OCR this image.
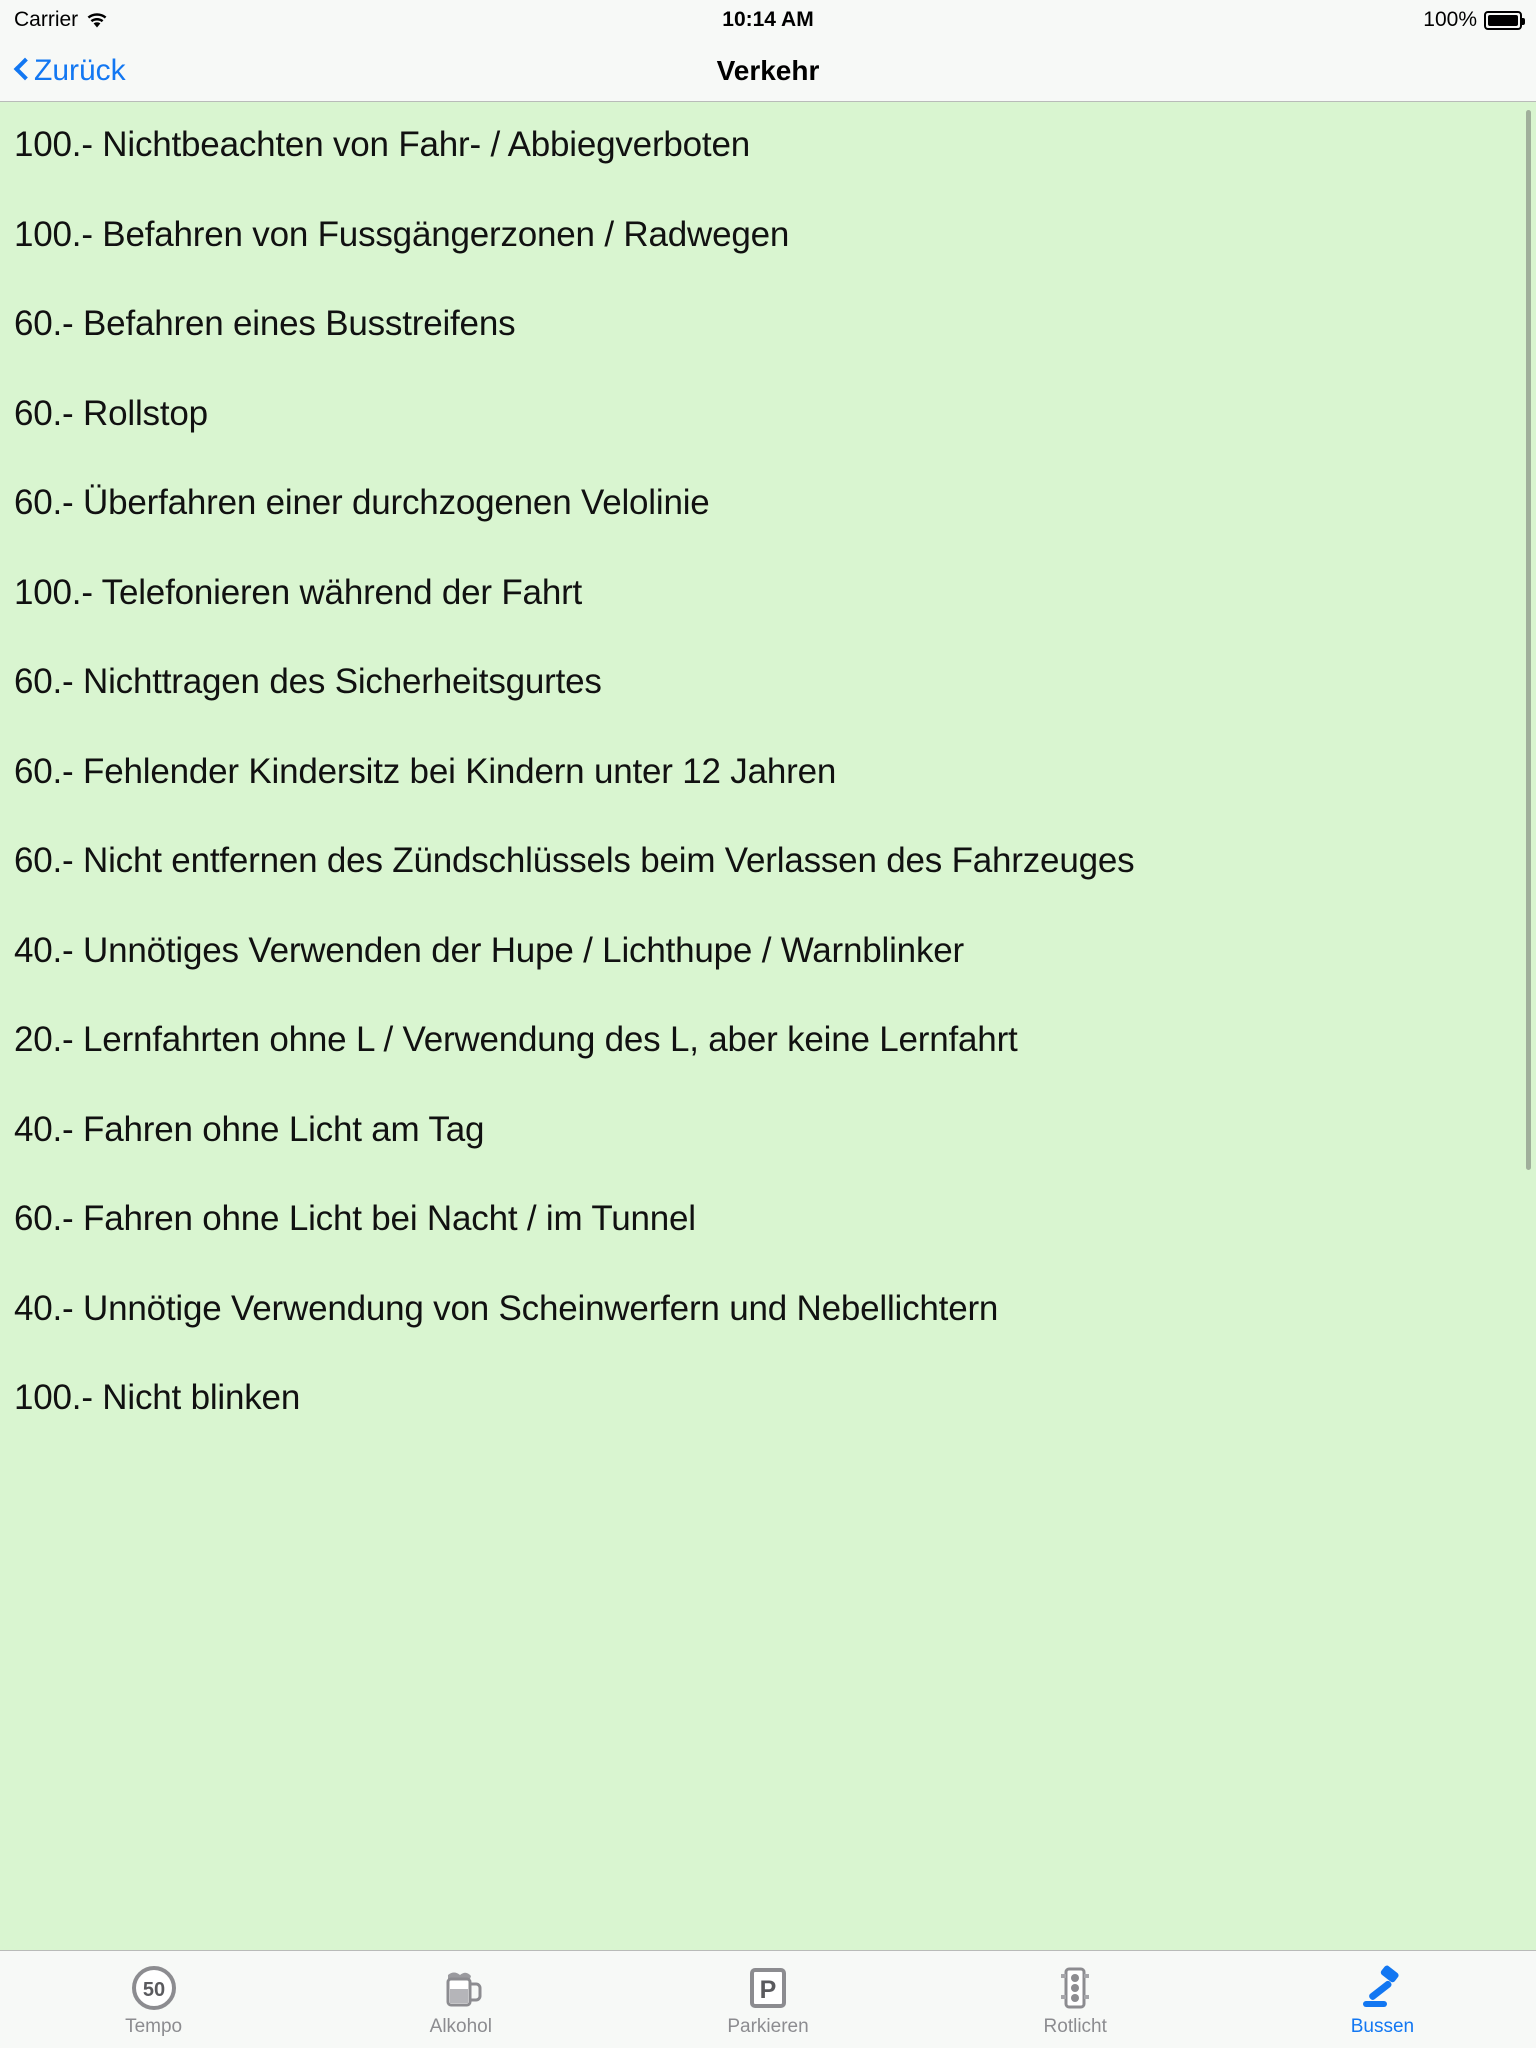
Carrier	10:14 AM	100%
Zurück	Verkehr
100.- Nichtbeachten von Fahr- / Abbiegverboten
100.- Befahren von Fussgängerzonen / Radwegen
60.- Befahren eines Busstreifens
60.- Rollstop
60.- Überfahren einer durchzogenen Velolinie
100.- Telefonieren während der Fahrt
60.- Nichttragen des Sicherheitsgurtes
60.- Fehlender Kindersitz bei Kindern unter 12 Jahren
60.- Nicht entfernen des Zündschlüssels beim Verlassen des Fahrzeuges
40.- Unnötiges Verwenden der Hupe / Lichthupe / Warnblinker
20.- Lernfahrten ohne L / Verwendung des L, aber keine Lernfahrt
40.- Fahren ohne Licht am Tag
60.- Fahren ohne Licht bei Nacht / im Tunnel
40.- Unnötige Verwendung von Scheinwerfern und Nebellichtern
100.- Nicht blinken
50
Tempo	Alkohol
P
Parkieren	Rotlicht	Bussen
